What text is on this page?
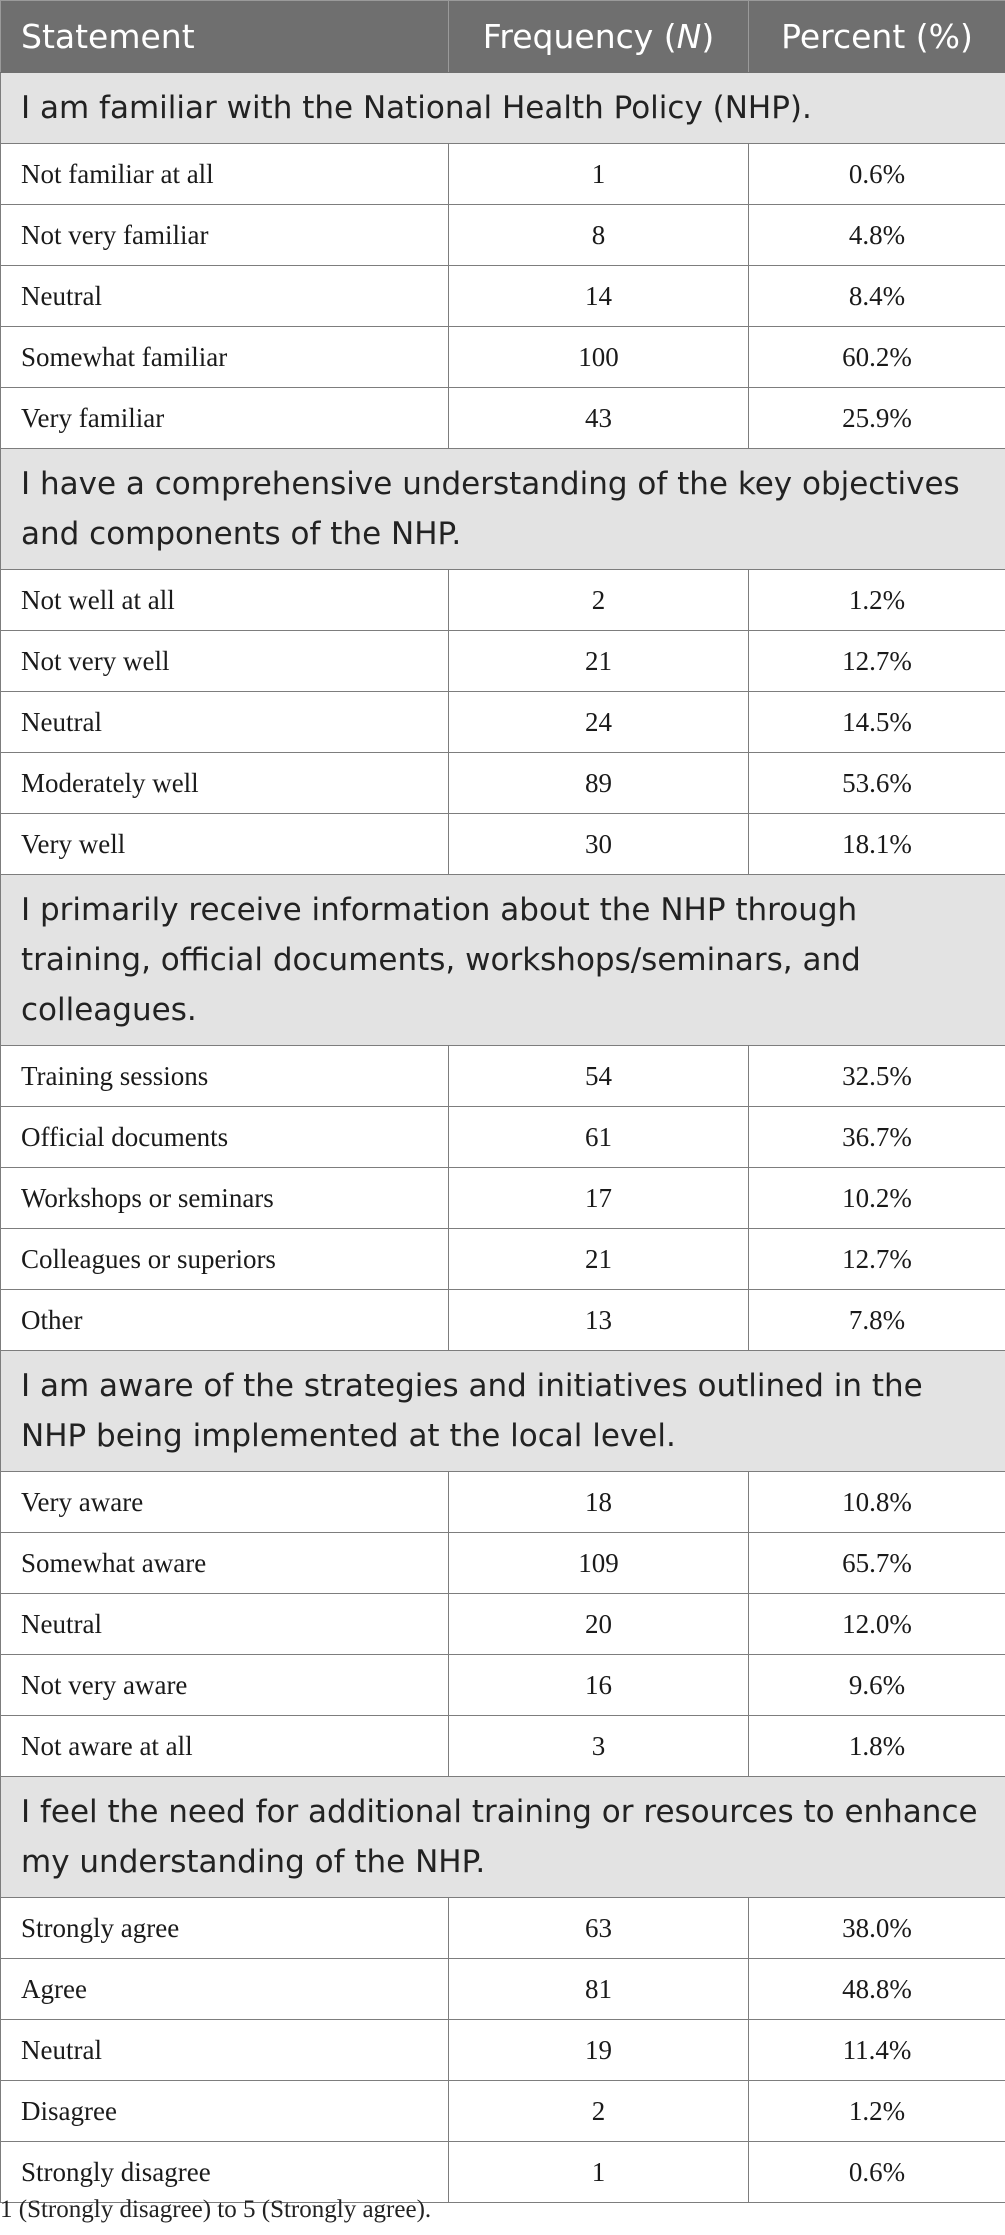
Statement	Frequency (N)	Percent (%)
I am familiar with the National Health Policy (NHP).		
Not familiar at all	1	0.6%
Not very familiar	8	4.8%
Neutral	14	8.4%
Somewhat familiar	100	60.2%
Very familiar	43	25.9%
I have a comprehensive understanding of the key objectives and components of the NHP.		
Not well at all	2	1.2%
Not very well	21	12.7%
Neutral	24	14.5%
Moderately well	89	53.6%
Very well	30	18.1%
I primarily receive information about the NHP through training, official documents, workshops/seminars, and colleagues.		
Training sessions	54	32.5%
Official documents	61	36.7%
Workshops or seminars	17	10.2%
Colleagues or superiors	21	12.7%
Other	13	7.8%
I am aware of the strategies and initiatives outlined in the NHP being implemented at the local level.		
Very aware	18	10.8%
Somewhat aware	109	65.7%
Neutral	20	12.0%
Not very aware	16	9.6%
Not aware at all	3	1.8%
I feel the need for additional training or resources to enhance my understanding of the NHP.		
Strongly agree	63	38.0%
Agree	81	48.8%
Neutral	19	11.4%
Disagree	2	1.2%
Strongly disagree	1	0.6%

1 (Strongly disagree) to 5 (Strongly agree).
